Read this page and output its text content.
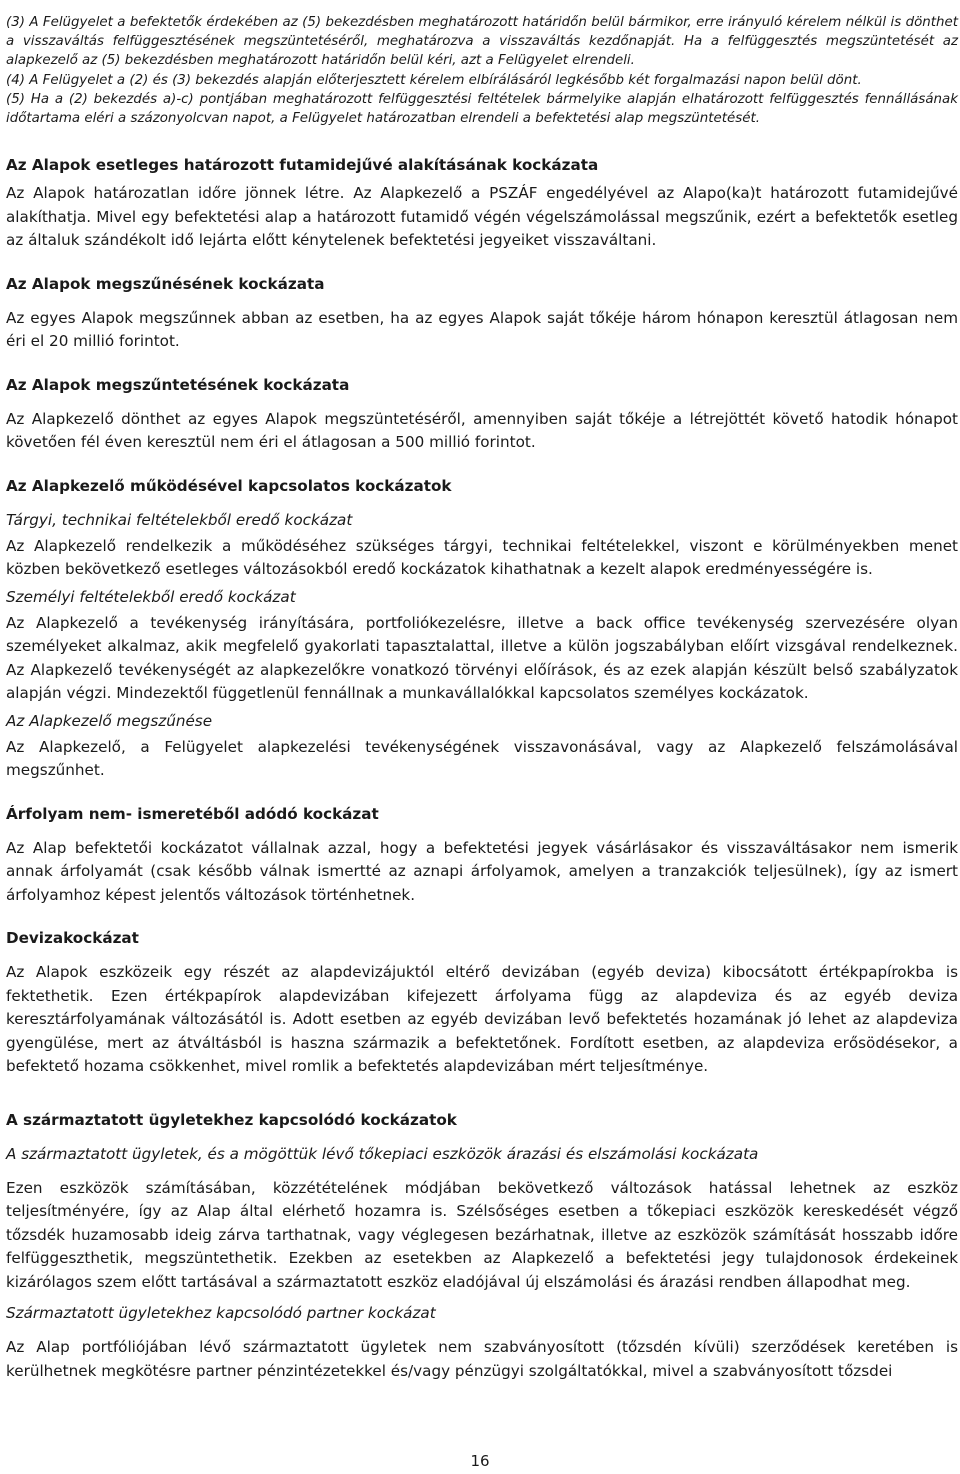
(3) A Felügyelet a befektetők érdekében az (5) bekezdésben meghatározott határidőn belül bármikor, erre irányuló kérelem nélkül is dönthet a visszaváltás felfüggesztésének megszüntetéséről, meghatározva a visszaváltás kezdőnapját. Ha a felfüggesztés megszüntetését az alapkezelő az (5) bekezdésben meghatározott határidőn belül kéri, azt a Felügyelet elrendeli.

(4) A Felügyelet a (2) és (3) bekezdés alapján előterjesztett kérelem elbírálásáról legkésőbb két forgalmazási napon belül dönt.

(5) Ha a (2) bekezdés a)-c) pontjában meghatározott felfüggesztési feltételek bármelyike alapján elhatározott felfüggesztés fennállásának időtartama eléri a százonyolcvan napot, a Felügyelet határozatban elrendeli a befektetési alap megszüntetését.

Az Alapok esetleges határozott futamidejűvé alakításának kockázata

Az Alapok határozatlan időre jönnek létre. Az Alapkezelő a PSZÁF engedélyével az Alapo(ka)t határozott futamidejűvé alakíthatja. Mivel egy befektetési alap a határozott futamidő végén végelszámolással megszűnik, ezért a befektetők esetleg az általuk szándékolt idő lejárta előtt kénytelenek befektetési jegyeiket visszaváltani.

Az Alapok megszűnésének kockázata

Az egyes Alapok megszűnnek abban az esetben, ha az egyes Alapok saját tőkéje három hónapon keresztül átlagosan nem éri el 20 millió forintot.

Az Alapok megszűntetésének kockázata

Az Alapkezelő dönthet az egyes Alapok megszüntetéséről, amennyiben saját tőkéje a létrejöttét követő hatodik hónapot követően fél éven keresztül nem éri el átlagosan a 500 millió forintot.

Az Alapkezelő működésével kapcsolatos kockázatok

Tárgyi, technikai feltételekből eredő kockázat

Az Alapkezelő rendelkezik a működéséhez szükséges tárgyi, technikai feltételekkel, viszont e körülményekben menet közben bekövetkező esetleges változásokból eredő kockázatok kihathatnak a kezelt alapok eredményességére is.

Személyi feltételekből eredő kockázat

Az Alapkezelő a tevékenység irányítására, portfoliókezelésre, illetve a back office tevékenység szervezésére olyan személyeket alkalmaz, akik megfelelő gyakorlati tapasztalattal, illetve a külön jogszabályban előírt vizsgával rendelkeznek. Az Alapkezelő tevékenységét az alapkezelőkre vonatkozó törvényi előírások, és az ezek alapján készült belső szabályzatok alapján végzi. Mindezektől függetlenül fennállnak a munkavállalókkal kapcsolatos személyes kockázatok.

Az Alapkezelő megszűnése

Az Alapkezelő, a Felügyelet alapkezelési tevékenységének visszavonásával, vagy az Alapkezelő felszámolásával megszűnhet.

Árfolyam nem- ismeretéből adódó kockázat

Az Alap befektetői kockázatot vállalnak azzal, hogy a befektetési jegyek vásárlásakor és visszaváltásakor nem ismerik annak árfolyamát (csak később válnak ismertté az aznapi árfolyamok, amelyen a tranzakciók teljesülnek), így az ismert árfolyamhoz képest jelentős változások történhetnek.

Devizakockázat

Az Alapok eszközeik egy részét az alapdevizájuktól eltérő devizában (egyéb deviza) kibocsátott értékpapírokba is fektethetik. Ezen értékpapírok alapdevizában kifejezett árfolyama függ az alapdeviza és az egyéb deviza keresztárfolyamának változásától is. Adott esetben az egyéb devizában levő befektetés hozamának jó lehet az alapdeviza gyengülése, mert az átváltásból is haszna származik a befektetőnek. Fordított esetben, az alapdeviza erősödésekor, a befektető hozama csökkenhet, mivel romlik a befektetés alapdevizában mért teljesítménye.

A származtatott ügyletekhez kapcsolódó kockázatok

A származtatott ügyletek, és a mögöttük lévő tőkepiaci eszközök árazási és elszámolási kockázata

Ezen eszközök számításában, közzétételének módjában bekövetkező változások hatással lehetnek az eszköz teljesítményére, így az Alap által elérhető hozamra is. Szélsőséges esetben a tőkepiaci eszközök kereskedését végző tőzsdék huzamosabb ideig zárva tarthatnak, vagy véglegesen bezárhatnak, illetve az eszközök számítását hosszabb időre felfüggeszthetik, megszüntethetik. Ezekben az esetekben az Alapkezelő a befektetési jegy tulajdonosok érdekeinek kizárólagos szem előtt tartásával a származtatott eszköz eladójával új elszámolási és árazási rendben állapodhat meg.

Származtatott ügyletekhez kapcsolódó partner kockázat

Az Alap portfóliójában lévő származtatott ügyletek nem szabványosított (tőzsdén kívüli) szerződések keretében is kerülhetnek megkötésre partner pénzintézetekkel és/vagy pénzügyi szolgáltatókkal, mivel a szabványosított tőzsdei

16
